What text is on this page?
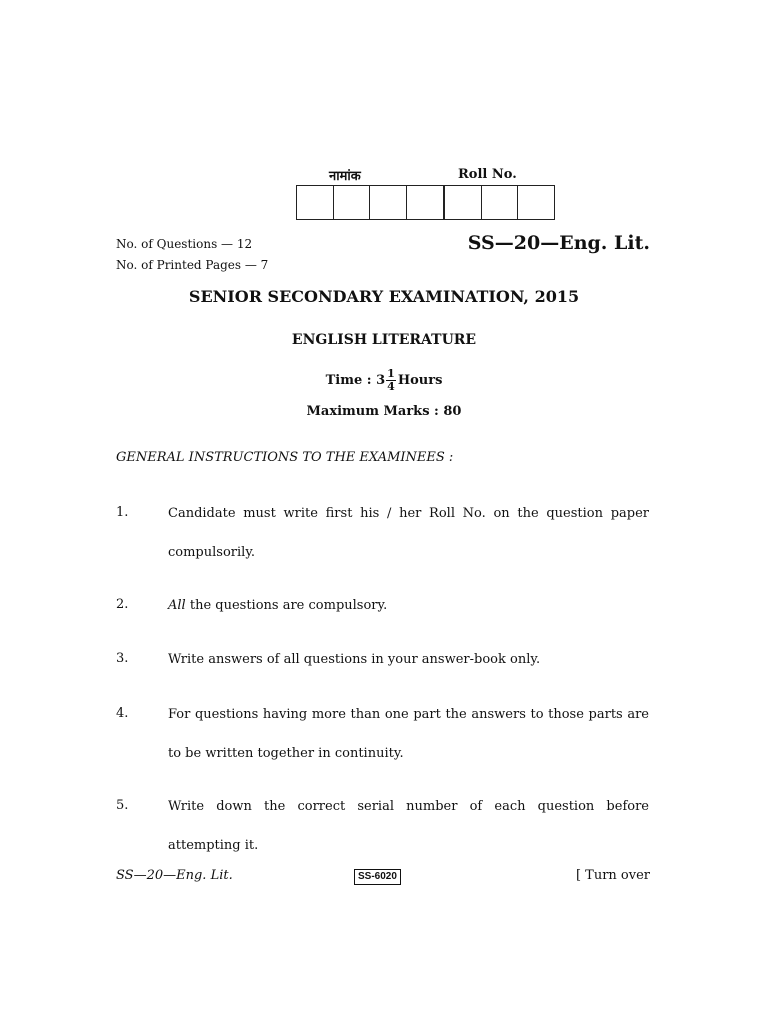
नामांक	Roll No.
No. of Questions — 12
No. of Printed Pages — 7
SS—20—Eng. Lit.
SENIOR SECONDARY EXAMINATION, 2015
ENGLISH LITERATURE
Time : $3 \frac{1}{4}$ Hours
Maximum Marks : 80
GENERAL INSTRUCTIONS TO THE EXAMINEES :
1.	Candidate must write first his / her Roll No. on the question paper compulsorily.
2.	All the questions are compulsory.
3.	Write answers of all questions in your answer-book only.
4.	For questions having more than one part the answers to those parts are to be written together in continuity.
5.	Write down the correct serial number of each question before attempting it.
SS—20—Eng. Lit.	SS-6020	[ Turn over
